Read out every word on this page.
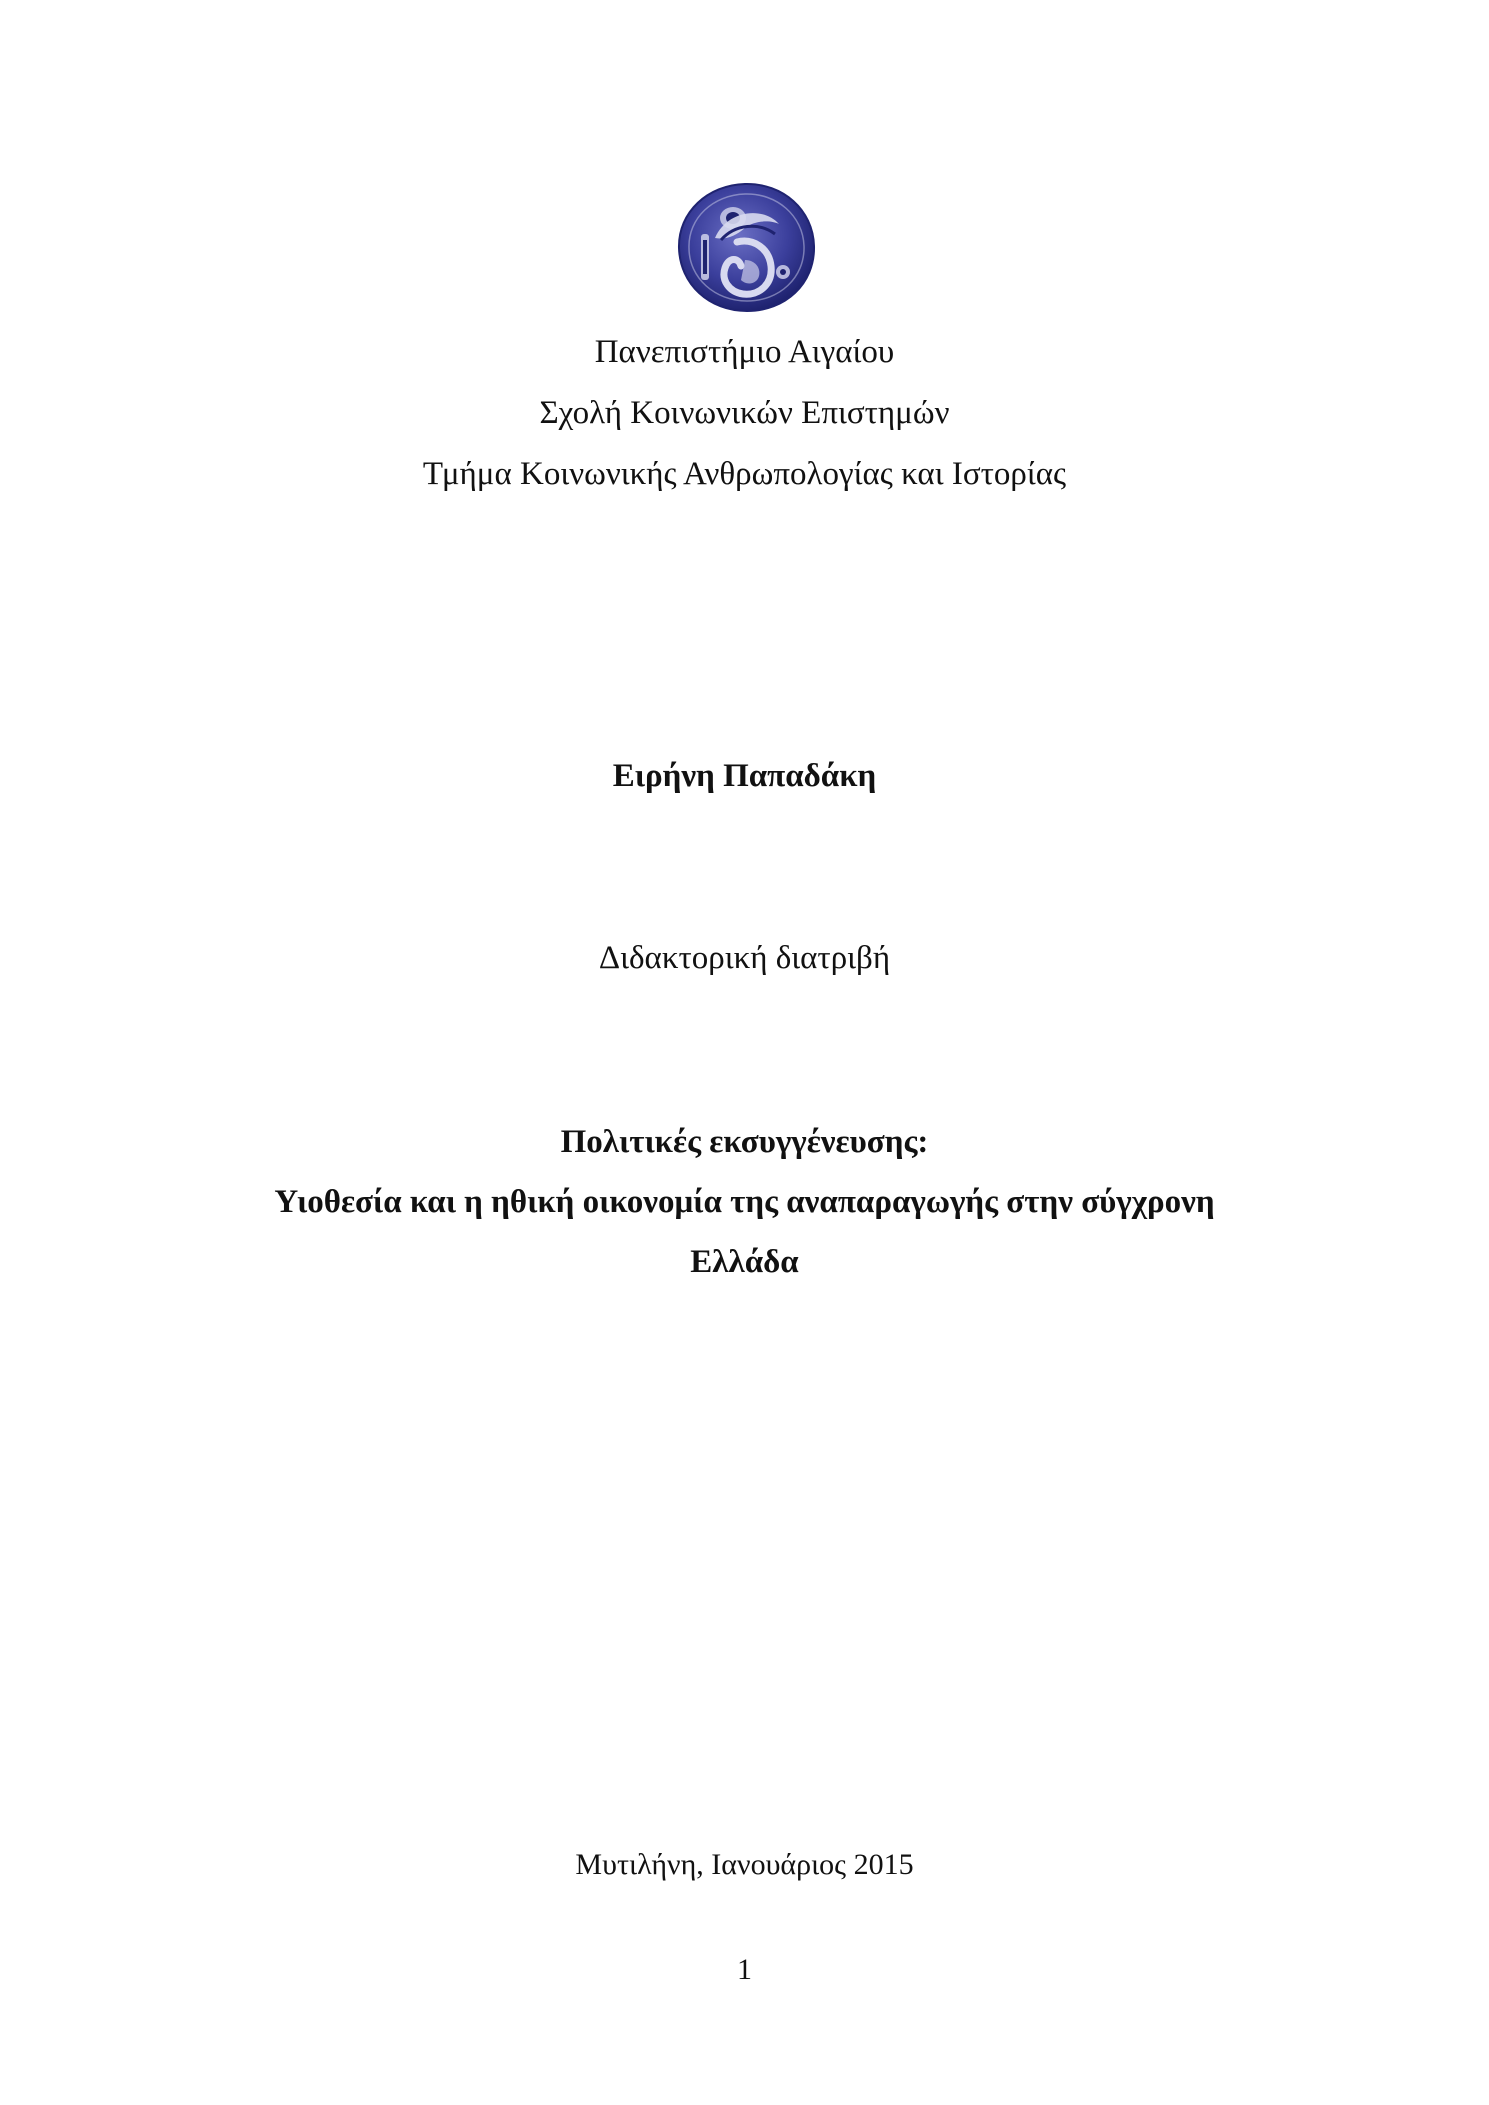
Πανεπιστήμιο Αιγαίου
Σχολή Κοινωνικών Επιστημών
Τμήμα Κοινωνικής Ανθρωπολογίας και Ιστορίας
Ειρήνη Παπαδάκη
Διδακτορική διατριβή
Πολιτικές εκσυγγένευσης:
Υιοθεσία και η ηθική οικονομία της αναπαραγωγής στην σύγχρονη
Ελλάδα
Μυτιλήνη, Ιανουάριος 2015
1
